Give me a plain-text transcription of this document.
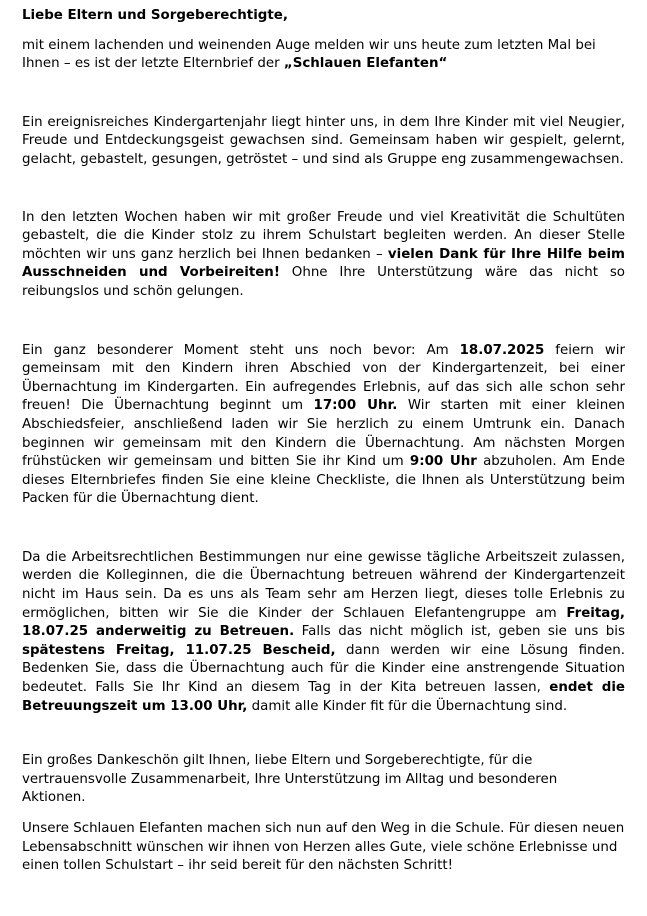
Liebe Eltern und Sorgeberechtigte,

mit einem lachenden und weinenden Auge melden wir uns heute zum letzten Mal bei Ihnen – es ist der letzte Elternbrief der „Schlauen Elefanten“

Ein ereignisreiches Kindergartenjahr liegt hinter uns, in dem Ihre Kinder mit viel Neugier, Freude und Entdeckungsgeist gewachsen sind. Gemeinsam haben wir gespielt, gelernt, gelacht, gebastelt, gesungen, getröstet – und sind als Gruppe eng zusammengewachsen.

In den letzten Wochen haben wir mit großer Freude und viel Kreativität die Schultüten gebastelt, die die Kinder stolz zu ihrem Schulstart begleiten werden. An dieser Stelle möchten wir uns ganz herzlich bei Ihnen bedanken – vielen Dank für Ihre Hilfe beim Ausschneiden und Vorbeireiten! Ohne Ihre Unterstützung wäre das nicht so reibungslos und schön gelungen.

Ein ganz besonderer Moment steht uns noch bevor: Am 18.07.2025 feiern wir gemeinsam mit den Kindern ihren Abschied von der Kindergartenzeit, bei einer Übernachtung im Kindergarten. Ein aufregendes Erlebnis, auf das sich alle schon sehr freuen! Die Übernachtung beginnt um 17:00 Uhr. Wir starten mit einer kleinen Abschiedsfeier, anschließend laden wir Sie herzlich zu einem Umtrunk ein. Danach beginnen wir gemeinsam mit den Kindern die Übernachtung. Am nächsten Morgen frühstücken wir gemeinsam und bitten Sie ihr Kind um 9:00 Uhr abzuholen. Am Ende dieses Elternbriefes finden Sie eine kleine Checkliste, die Ihnen als Unterstützung beim Packen für die Übernachtung dient.

Da die Arbeitsrechtlichen Bestimmungen nur eine gewisse tägliche Arbeitszeit zulassen, werden die Kolleginnen, die die Übernachtung betreuen während der Kindergartenzeit nicht im Haus sein. Da es uns als Team sehr am Herzen liegt, dieses tolle Erlebnis zu ermöglichen, bitten wir Sie die Kinder der Schlauen Elefantengruppe am Freitag, 18.07.25 anderweitig zu Betreuen. Falls das nicht möglich ist, geben sie uns bis spätestens Freitag, 11.07.25 Bescheid, dann werden wir eine Lösung finden. Bedenken Sie, dass die Übernachtung auch für die Kinder eine anstrengende Situation bedeutet. Falls Sie Ihr Kind an diesem Tag in der Kita betreuen lassen, endet die Betreuungszeit um 13.00 Uhr, damit alle Kinder fit für die Übernachtung sind.

Ein großes Dankeschön gilt Ihnen, liebe Eltern und Sorgeberechtigte, für die vertrauensvolle Zusammenarbeit, Ihre Unterstützung im Alltag und besonderen Aktionen.

Unsere Schlauen Elefanten machen sich nun auf den Weg in die Schule. Für diesen neuen Lebensabschnitt wünschen wir ihnen von Herzen alles Gute, viele schöne Erlebnisse und einen tollen Schulstart – ihr seid bereit für den nächsten Schritt!
